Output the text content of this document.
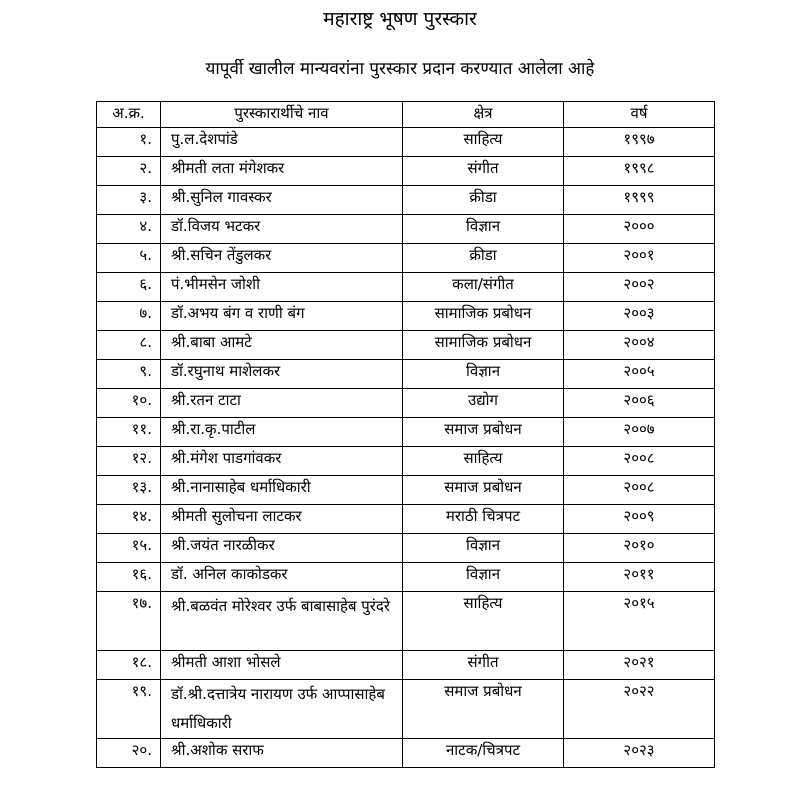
महाराष्ट्र भूषण पुरस्कार
यापूर्वी खालील मान्यवरांना पुरस्कार प्रदान करण्यात आलेला आहे
अ.क्र.	पुरस्कारार्थीचे नाव	क्षेत्र	वर्ष
१.	पु.ल.देशपांडे	साहित्य	१९९७
२.	श्रीमती लता मंगेशकर	संगीत	१९९८
३.	श्री.सुनिल गावस्कर	क्रीडा	१९९९
४.	डॉ.विजय भटकर	विज्ञान	२०००
५.	श्री.सचिन तेंडुलकर	क्रीडा	२००१
६.	पं.भीमसेन जोशी	कला/संगीत	२००२
७.	डॉ.अभय बंग व राणी बंग	सामाजिक प्रबोधन	२००३
८.	श्री.बाबा आमटे	सामाजिक प्रबोधन	२००४
९.	डॉ.रघुनाथ माशेलकर	विज्ञान	२००५
१०.	श्री.रतन टाटा	उद्योग	२००६
११.	श्री.रा.कृ.पाटील	समाज प्रबोधन	२००७
१२.	श्री.मंगेश पाडगांवकर	साहित्य	२००८
१३.	श्री.नानासाहेब धर्माधिकारी	समाज प्रबोधन	२००८
१४.	श्रीमती सुलोचना लाटकर	मराठी चित्रपट	२००९
१५.	श्री.जयंत नारळीकर	विज्ञान	२०१०
१६.	डॉ. अनिल काकोडकर	विज्ञान	२०११
१७.	श्री.बळवंत मोरेश्वर उर्फ बाबासाहेब पुरंदरे	साहित्य	२०१५
१८.	श्रीमती आशा भोसले	संगीत	२०२१
१९.	डॉ.श्री.दत्तात्रेय नारायण उर्फ आप्पासाहेब धर्माधिकारी	समाज प्रबोधन	२०२२
२०.	श्री.अशोक सराफ	नाटक/चित्रपट	२०२३
